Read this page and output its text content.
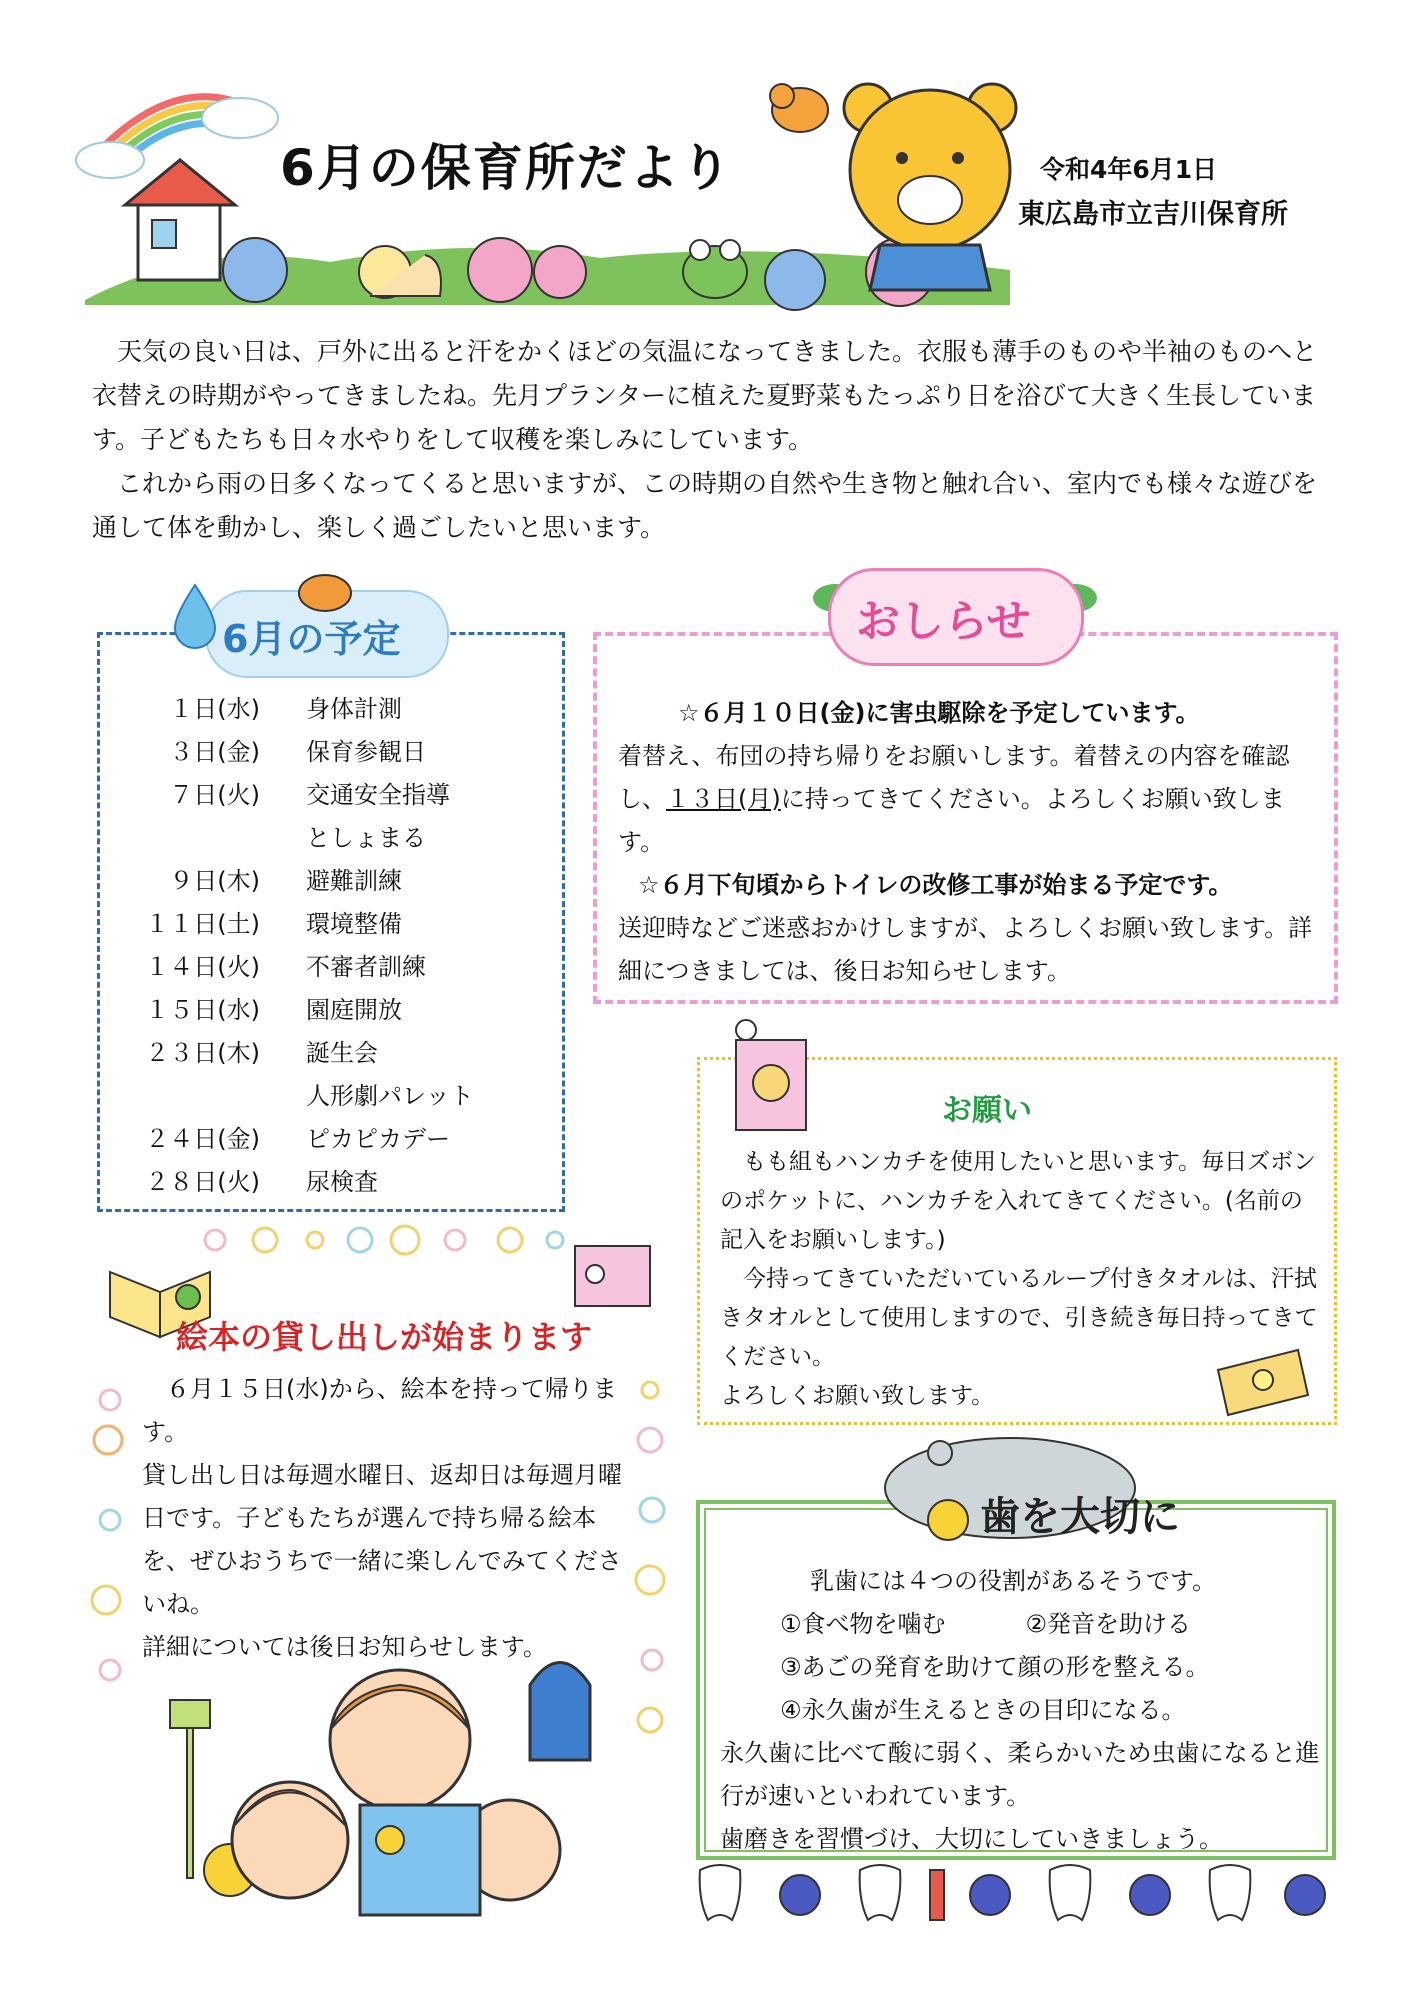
6月の保育所だより	令和4年6月1日
東広島市立吉川保育所

天気の良い日は、戸外に出ると汗をかくほどの気温になってきました。衣服も薄手のものや半袖のものへと衣替えの時期がやってきましたね。先月プランターに植えた夏野菜もたっぷり日を浴びて大きく生長しています。子どもたちも日々水やりをして収穫を楽しみにしています。

これから雨の日多くなってくると思いますが、この時期の自然や生き物と触れ合い、室内でも様々な遊びを通して体を動かし、楽しく過ごしたいと思います。

6月の予定
１日(水)	身体計測
３日(金)	保育参観日
７日(火)	交通安全指導
としょまる
９日(木)	避難訓練
１１日(土)	環境整備
１４日(火)	不審者訓練
１５日(水)	園庭開放
２３日(木)	誕生会
人形劇パレット
２４日(金)	ピカピカデー
２８日(火)	尿検査
おしらせ

☆６月１０日(金)に害虫駆除を予定しています。

着替え、布団の持ち帰りをお願いします。着替えの内容を確認し、１３日(月)に持ってきてください。よろしくお願い致します。

☆６月下旬頃からトイレの改修工事が始まる予定です。

送迎時などご迷惑おかけしますが、よろしくお願い致します。詳細につきましては、後日お知らせします。

お願い

もも組もハンカチを使用したいと思います。毎日ズボンのポケットに、ハンカチを入れてきてください。(名前の記入をお願いします。)

今持ってきていただいているループ付きタオルは、汗拭きタオルとして使用しますので、引き続き毎日持ってきてください。

よろしくお願い致します。

歯を大切に

乳歯には４つの役割があるそうです。

①食べ物を噛む	②発音を助ける

③あごの発育を助けて顔の形を整える。

④永久歯が生えるときの目印になる。

永久歯に比べて酸に弱く、柔らかいため虫歯になると進行が速いといわれています。

歯磨きを習慣づけ、大切にしていきましょう。

絵本の貸し出しが始まります

６月１５日(水)から、絵本を持って帰ります。

貸し出し日は毎週水曜日、返却日は毎週月曜日です。子どもたちが選んで持ち帰る絵本を、ぜひおうちで一緒に楽しんでみてくださいね。

詳細については後日お知らせします。
